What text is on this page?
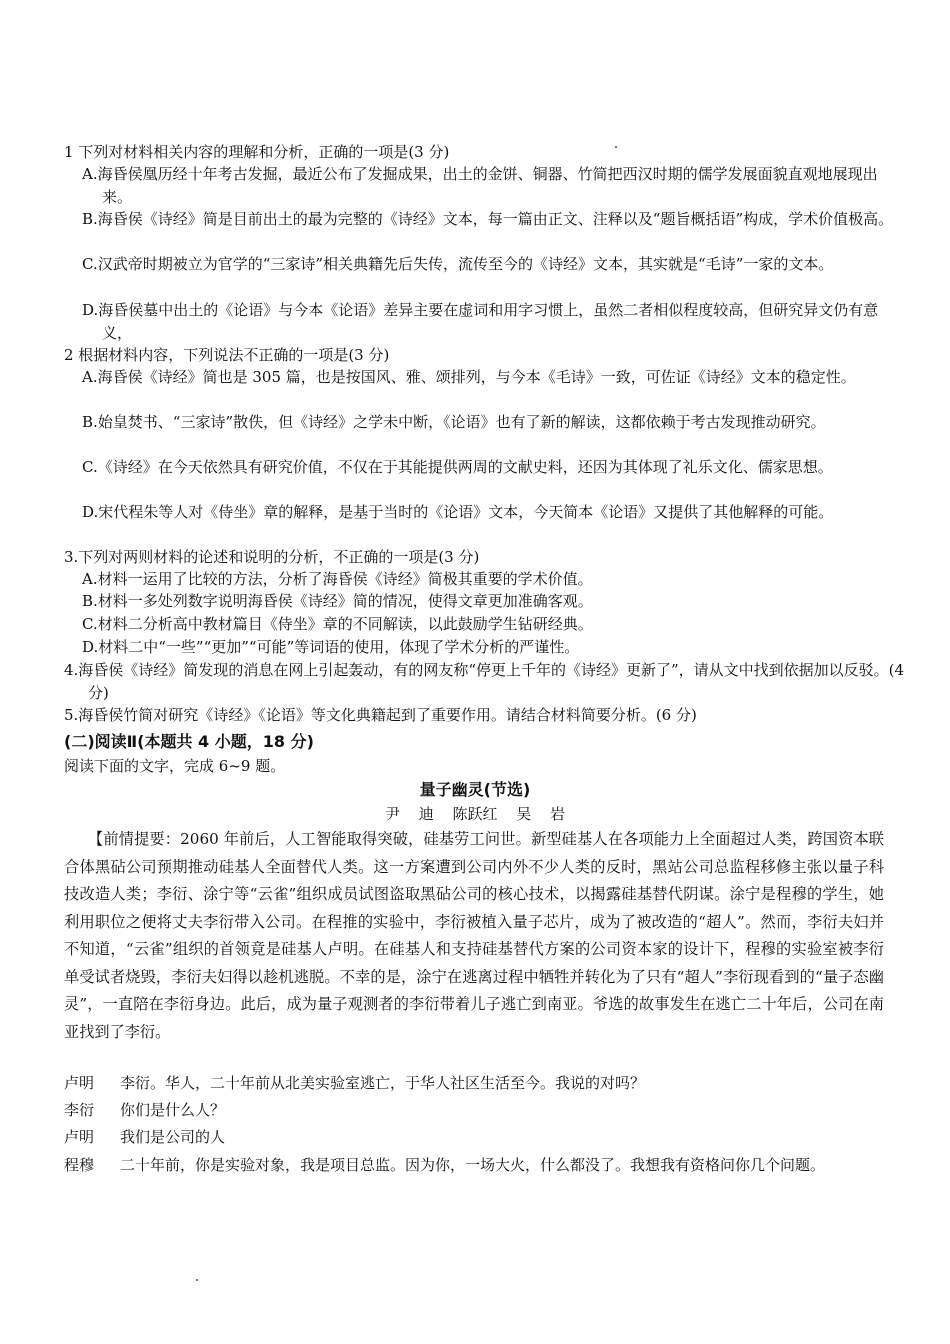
1 下列对材料相关内容的理解和分析，正确的一项是(3 分)
A.海昏侯凰历经十年考古发掘，最近公布了发掘成果，出土的金饼、铜器、竹简把西汉时期的儒学发展面貌直观地展现出来。
B.海昏侯《诗经》简是目前出土的最为完整的《诗经》文本，每一篇由正文、注释以及“题旨概括语”构成，学术价值极高。
C.汉武帝时期被立为官学的“三家诗”相关典籍先后失传，流传至今的《诗经》文本，其实就是“毛诗”一家的文本。
D.海昏侯墓中出土的《论语》与今本《论语》差异主要在虚词和用字习惯上，虽然二者相似程度较高，但研究异文仍有意义，
2 根据材料内容，下列说法不正确的一项是(3 分)
A.海昏侯《诗经》简也是 305 篇，也是按国风、雅、颂排列，与今本《毛诗》一致，可佐证《诗经》文本的稳定性。
B.始皇焚书、“三家诗”散佚，但《诗经》之学未中断，《论语》也有了新的解读，这都依赖于考古发现推动研究。
C.《诗经》在今天依然具有研究价值，不仅在于其能提供两周的文献史料，还因为其体现了礼乐文化、儒家思想。
D.宋代程朱等人对《侍坐》章的解释，是基于当时的《论语》文本，今天简本《论语》又提供了其他解释的可能。
3.下列对两则材料的论述和说明的分析，不正确的一项是(3 分)
A.材料一运用了比较的方法，分析了海昏侯《诗经》简极其重要的学术价值。
B.材料一多处列数字说明海昏侯《诗经》简的情况，使得文章更加准确客观。
C.材料二分析高中教材篇目《侍坐》章的不同解读，以此鼓励学生钻研经典。
D.材料二中“一些”“更加”“可能”等词语的使用，体现了学术分析的严谨性。
4.海昏侯《诗经》简发现的消息在网上引起轰动，有的网友称“停更上千年的《诗经》更新了”，请从文中找到依据加以反驳。(4 分)
5.海昏侯竹简对研究《诗经》《论语》等文化典籍起到了重要作用。请结合材料简要分析。(6 分)
(二)阅读Ⅱ(本题共 4 小题，18 分)
阅读下面的文字，完成 6~9 题。
量子幽灵(节选)
尹 迪 陈跃红 吴 岩
【前情提要：2060 年前后，人工智能取得突破，硅基劳工问世。新型硅基人在各项能力上全面超过人类，跨国资本联合体黑砧公司预期推动硅基人全面替代人类。这一方案遭到公司内外不少人类的反时，黑站公司总监程移修主张以量子科技改造人类；李衍、涂宁等“云雀”组织成员试图盗取黑砧公司的核心技术，以揭露硅基替代阴谋。涂宁是程穆的学生，她利用职位之便将丈夫李衍带入公司。在程推的实验中，李衍被植入量子芯片，成为了被改造的“超人”。然而，李衍夫妇并不知道，“云雀”组织的首领竟是硅基人卢明。在硅基人和支持硅基替代方案的公司资本家的设计下，程穆的实验室被李衍单受试者烧毁，李衍夫妇得以趁机逃脱。不幸的是，涂宁在逃离过程中牺牲并转化为了只有“超人”李衍现看到的“量子态幽灵”，一直陪在李衍身边。此后，成为量子观测者的李衍带着儿子逃亡到南亚。爷选的故事发生在逃亡二十年后，公司在南亚找到了李衍。
卢明 李衍。华人，二十年前从北美实验室逃亡，于华人社区生活至今。我说的对吗？
李衍 你们是什么人？
卢明 我们是公司的人
程穆	二十年前，你是实验对象，我是项目总监。因为你，一场大火，什么都没了。我想我有资格问你几个问题。
